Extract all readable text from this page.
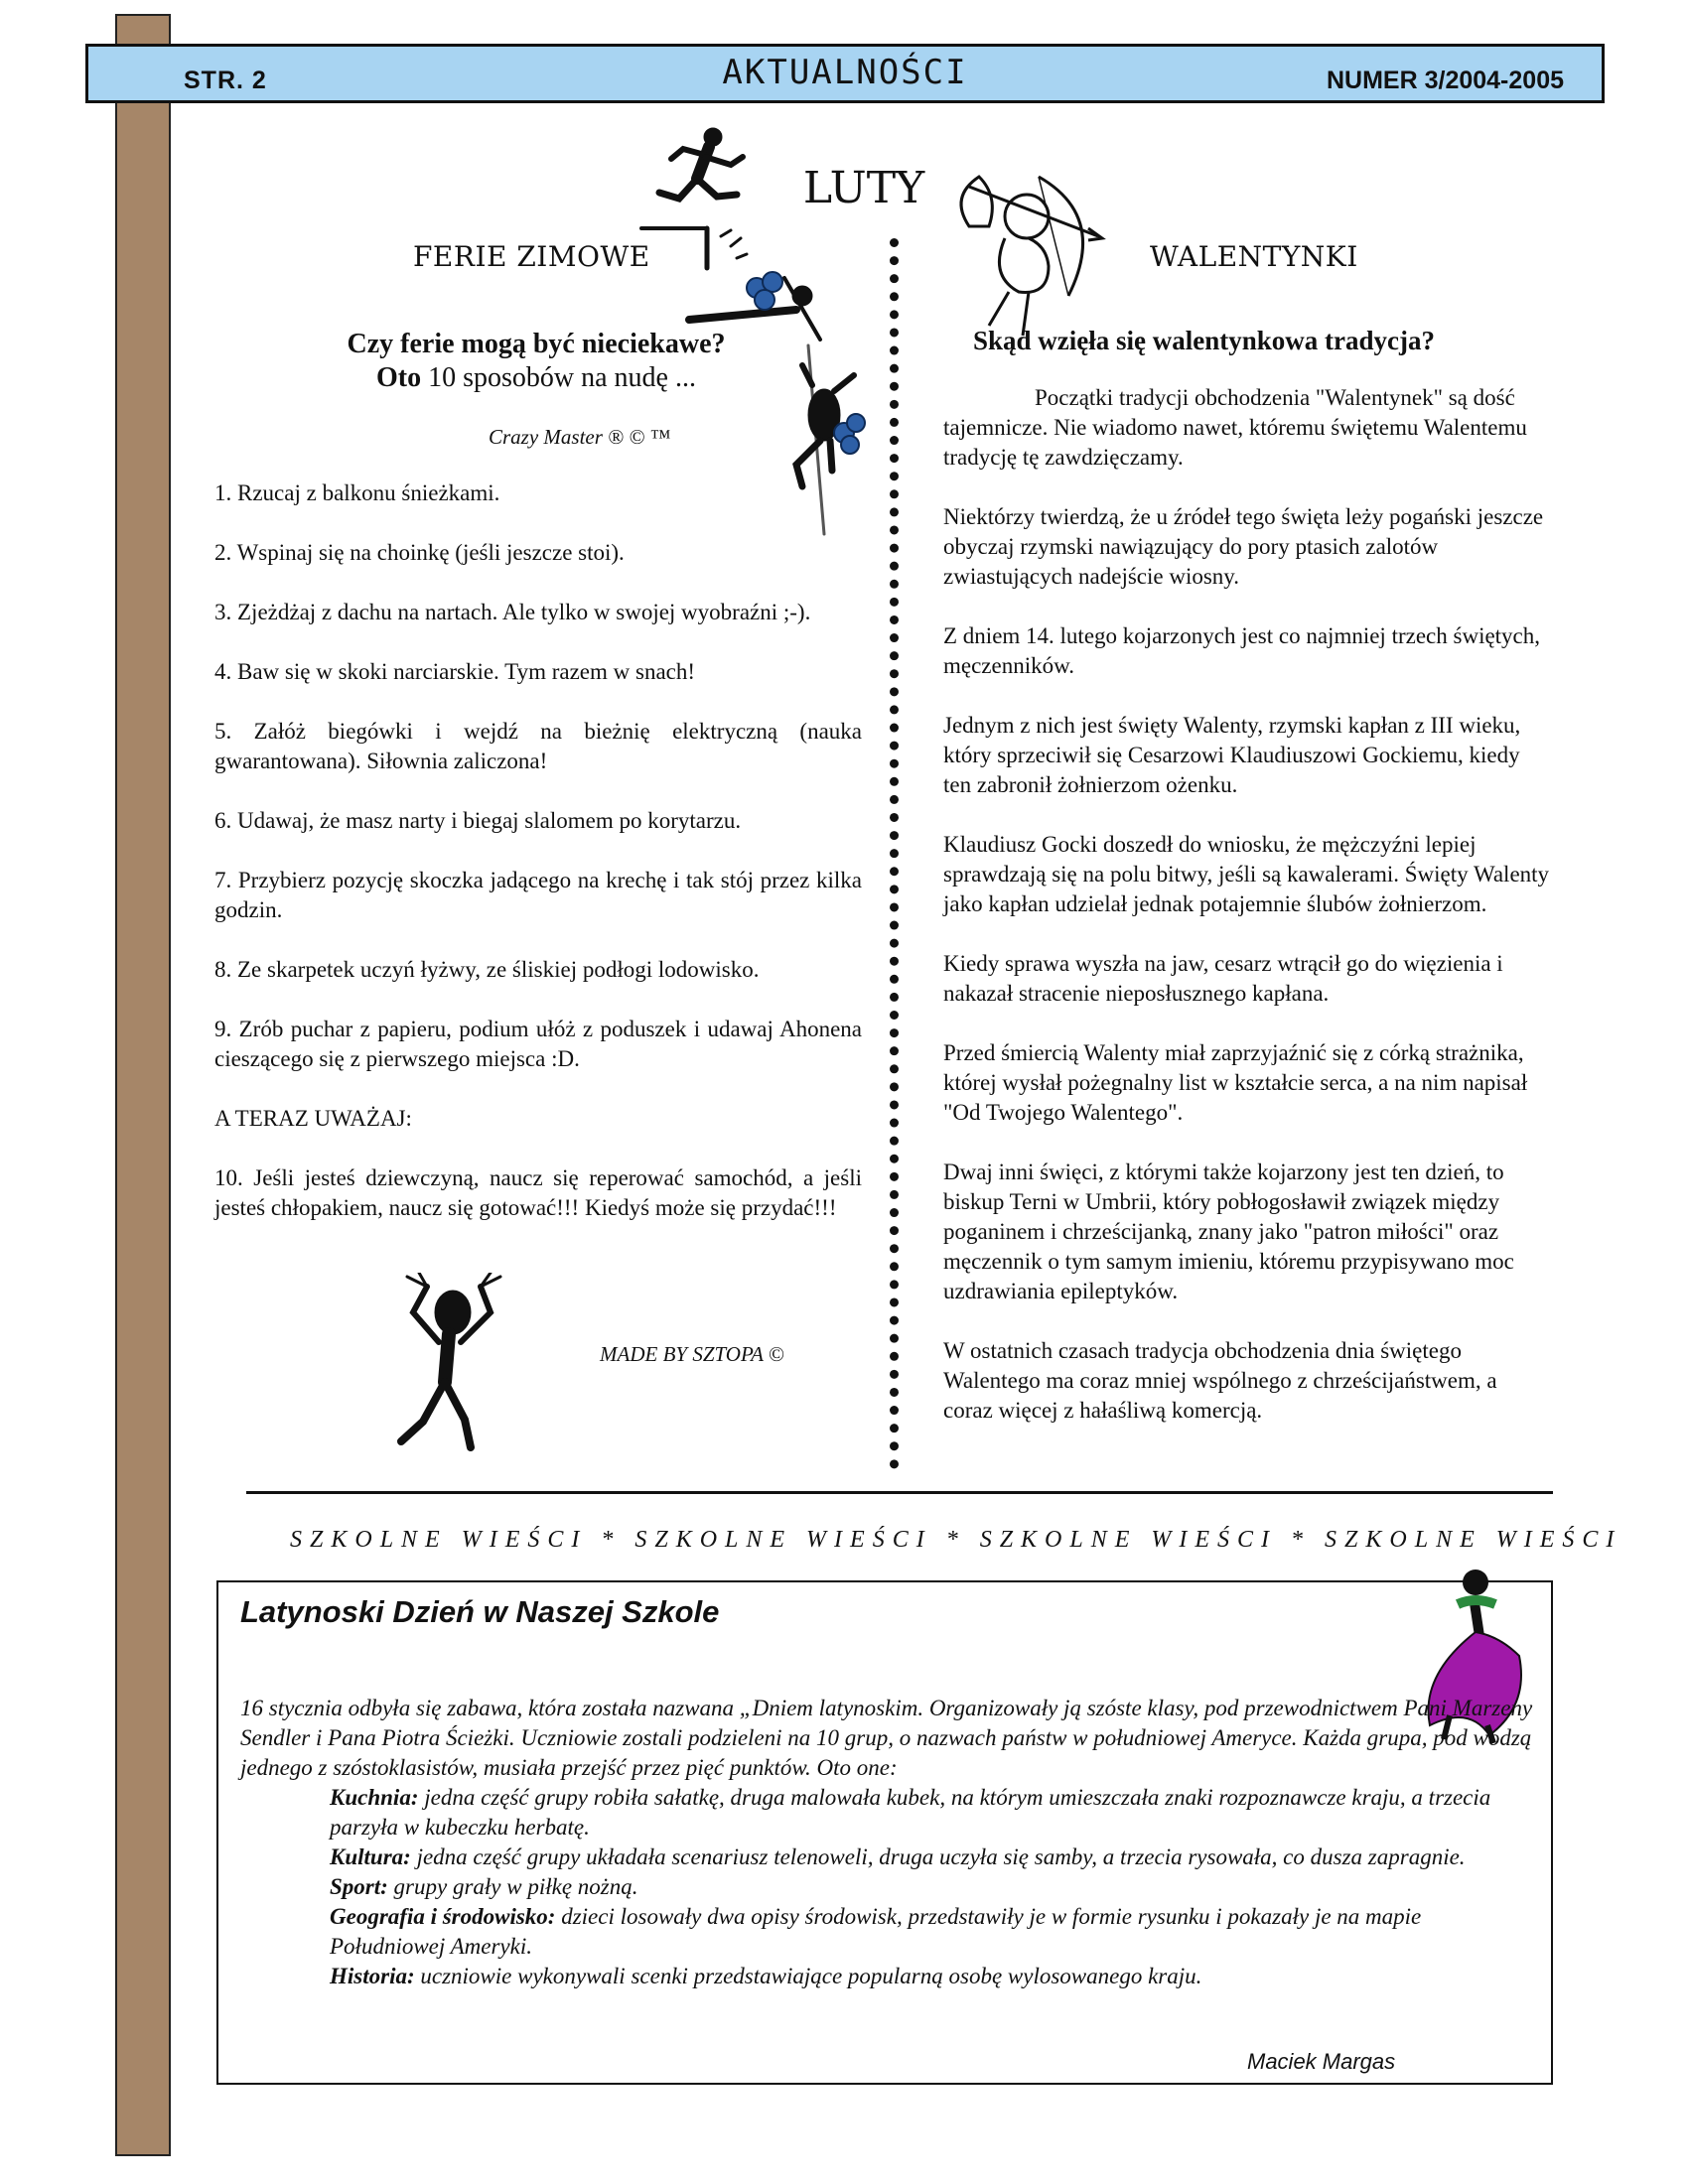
STR. 2	AKTUALNOŚCI	NUMER 3/2004-2005
LUTY
FERIE ZIMOWE
Czy ferie mogą być nieciekawe?
Oto 10 sposobów na nudę ...
Crazy Master ® © ™

1. Rzucaj z balkonu śnieżkami.

2. Wspinaj się na choinkę (jeśli jeszcze stoi).

3. Zjeżdżaj z dachu na nartach. Ale tylko w swojej wyobraźni ;-).

4. Baw się w skoki narciarskie. Tym razem w snach!

5. Załóż biegówki i wejdź na bieżnię elektryczną (nauka gwarantowana). Siłownia zaliczona!

6. Udawaj, że masz narty i biegaj slalomem po korytarzu.

7. Przybierz pozycję skoczka jadącego na krechę i tak stój przez kilka godzin.

8. Ze skarpetek uczyń łyżwy, ze śliskiej podłogi lodowisko.

9. Zrób puchar z papieru, podium ułóż z poduszek i udawaj Ahonena cieszącego się z pierwszego miejsca :D.

A TERAZ UWAŻAJ:

10. Jeśli jesteś dziewczyną, naucz się reperować samochód, a jeśli jesteś chłopakiem, naucz się gotować!!! Kiedyś może się przydać!!!

MADE BY SZTOPA ©
WALENTYNKI
Skąd wzięła się walentynkowa tradycja?

Początki tradycji obchodzenia "Walentynek" są dość tajemnicze. Nie wiadomo nawet, któremu świętemu Walentemu tradycję tę zawdzięczamy.

Niektórzy twierdzą, że u źródeł tego święta leży pogański jeszcze obyczaj rzymski nawiązujący do pory ptasich zalotów zwiastujących nadejście wiosny.

Z dniem 14. lutego kojarzonych jest co najmniej trzech świętych, męczenników.

Jednym z nich jest święty Walenty, rzymski kapłan z III wieku, który sprzeciwił się Cesarzowi Klaudiuszowi Gockiemu, kiedy ten zabronił żołnierzom ożenku.

Klaudiusz Gocki doszedł do wniosku, że mężczyźni lepiej sprawdzają się na polu bitwy, jeśli są kawalerami. Święty Walenty jako kapłan udzielał jednak potajemnie ślubów żołnierzom.

Kiedy sprawa wyszła na jaw, cesarz wtrącił go do więzienia i nakazał stracenie nieposłusznego kapłana.

Przed śmiercią Walenty miał zaprzyjaźnić się z córką strażnika, której wysłał pożegnalny list w kształcie serca, a na nim napisał "Od Twojego Walentego".

Dwaj inni święci, z którymi także kojarzony jest ten dzień, to biskup Terni w Umbrii, który pobłogosławił związek między poganinem i chrześcijanką, znany jako "patron miłości" oraz męczennik o tym samym imieniu, któremu przypisywano moc uzdrawiania epileptyków.

W ostatnich czasach tradycja obchodzenia dnia świętego Walentego ma coraz mniej wspólnego z chrześcijaństwem, a coraz więcej z hałaśliwą komercją.

SZKOLNE WIEŚCI * SZKOLNE WIEŚCI * SZKOLNE WIEŚCI * SZKOLNE WIEŚCI
Latynoski Dzień w Naszej Szkole
16 stycznia odbyła się zabawa, która została nazwana „Dniem latynoskim. Organizowały ją szóste klasy, pod przewodnictwem Pani Marzeny Sendler i Pana Piotra Ścieżki. Uczniowie zostali podzieleni na 10 grup, o nazwach państw w południowej Ameryce. Każda grupa, pod wodzą jednego z szóstoklasistów, musiała przejść przez pięć punktów. Oto one:

Kuchnia: jedna część grupy robiła sałatkę, druga malowała kubek, na którym umieszczała znaki rozpoznawcze kraju, a trzecia parzyła w kubeczku herbatę.

Kultura: jedna część grupy układała scenariusz telenoweli, druga uczyła się samby, a trzecia rysowała, co dusza zapragnie.

Sport: grupy grały w piłkę nożną.

Geografia i środowisko: dzieci losowały dwa opisy środowisk, przedstawiły je w formie rysunku i pokazały je na mapie Południowej Ameryki.

Historia: uczniowie wykonywali scenki przedstawiające popularną osobę wylosowanego kraju.

Maciek Margas
